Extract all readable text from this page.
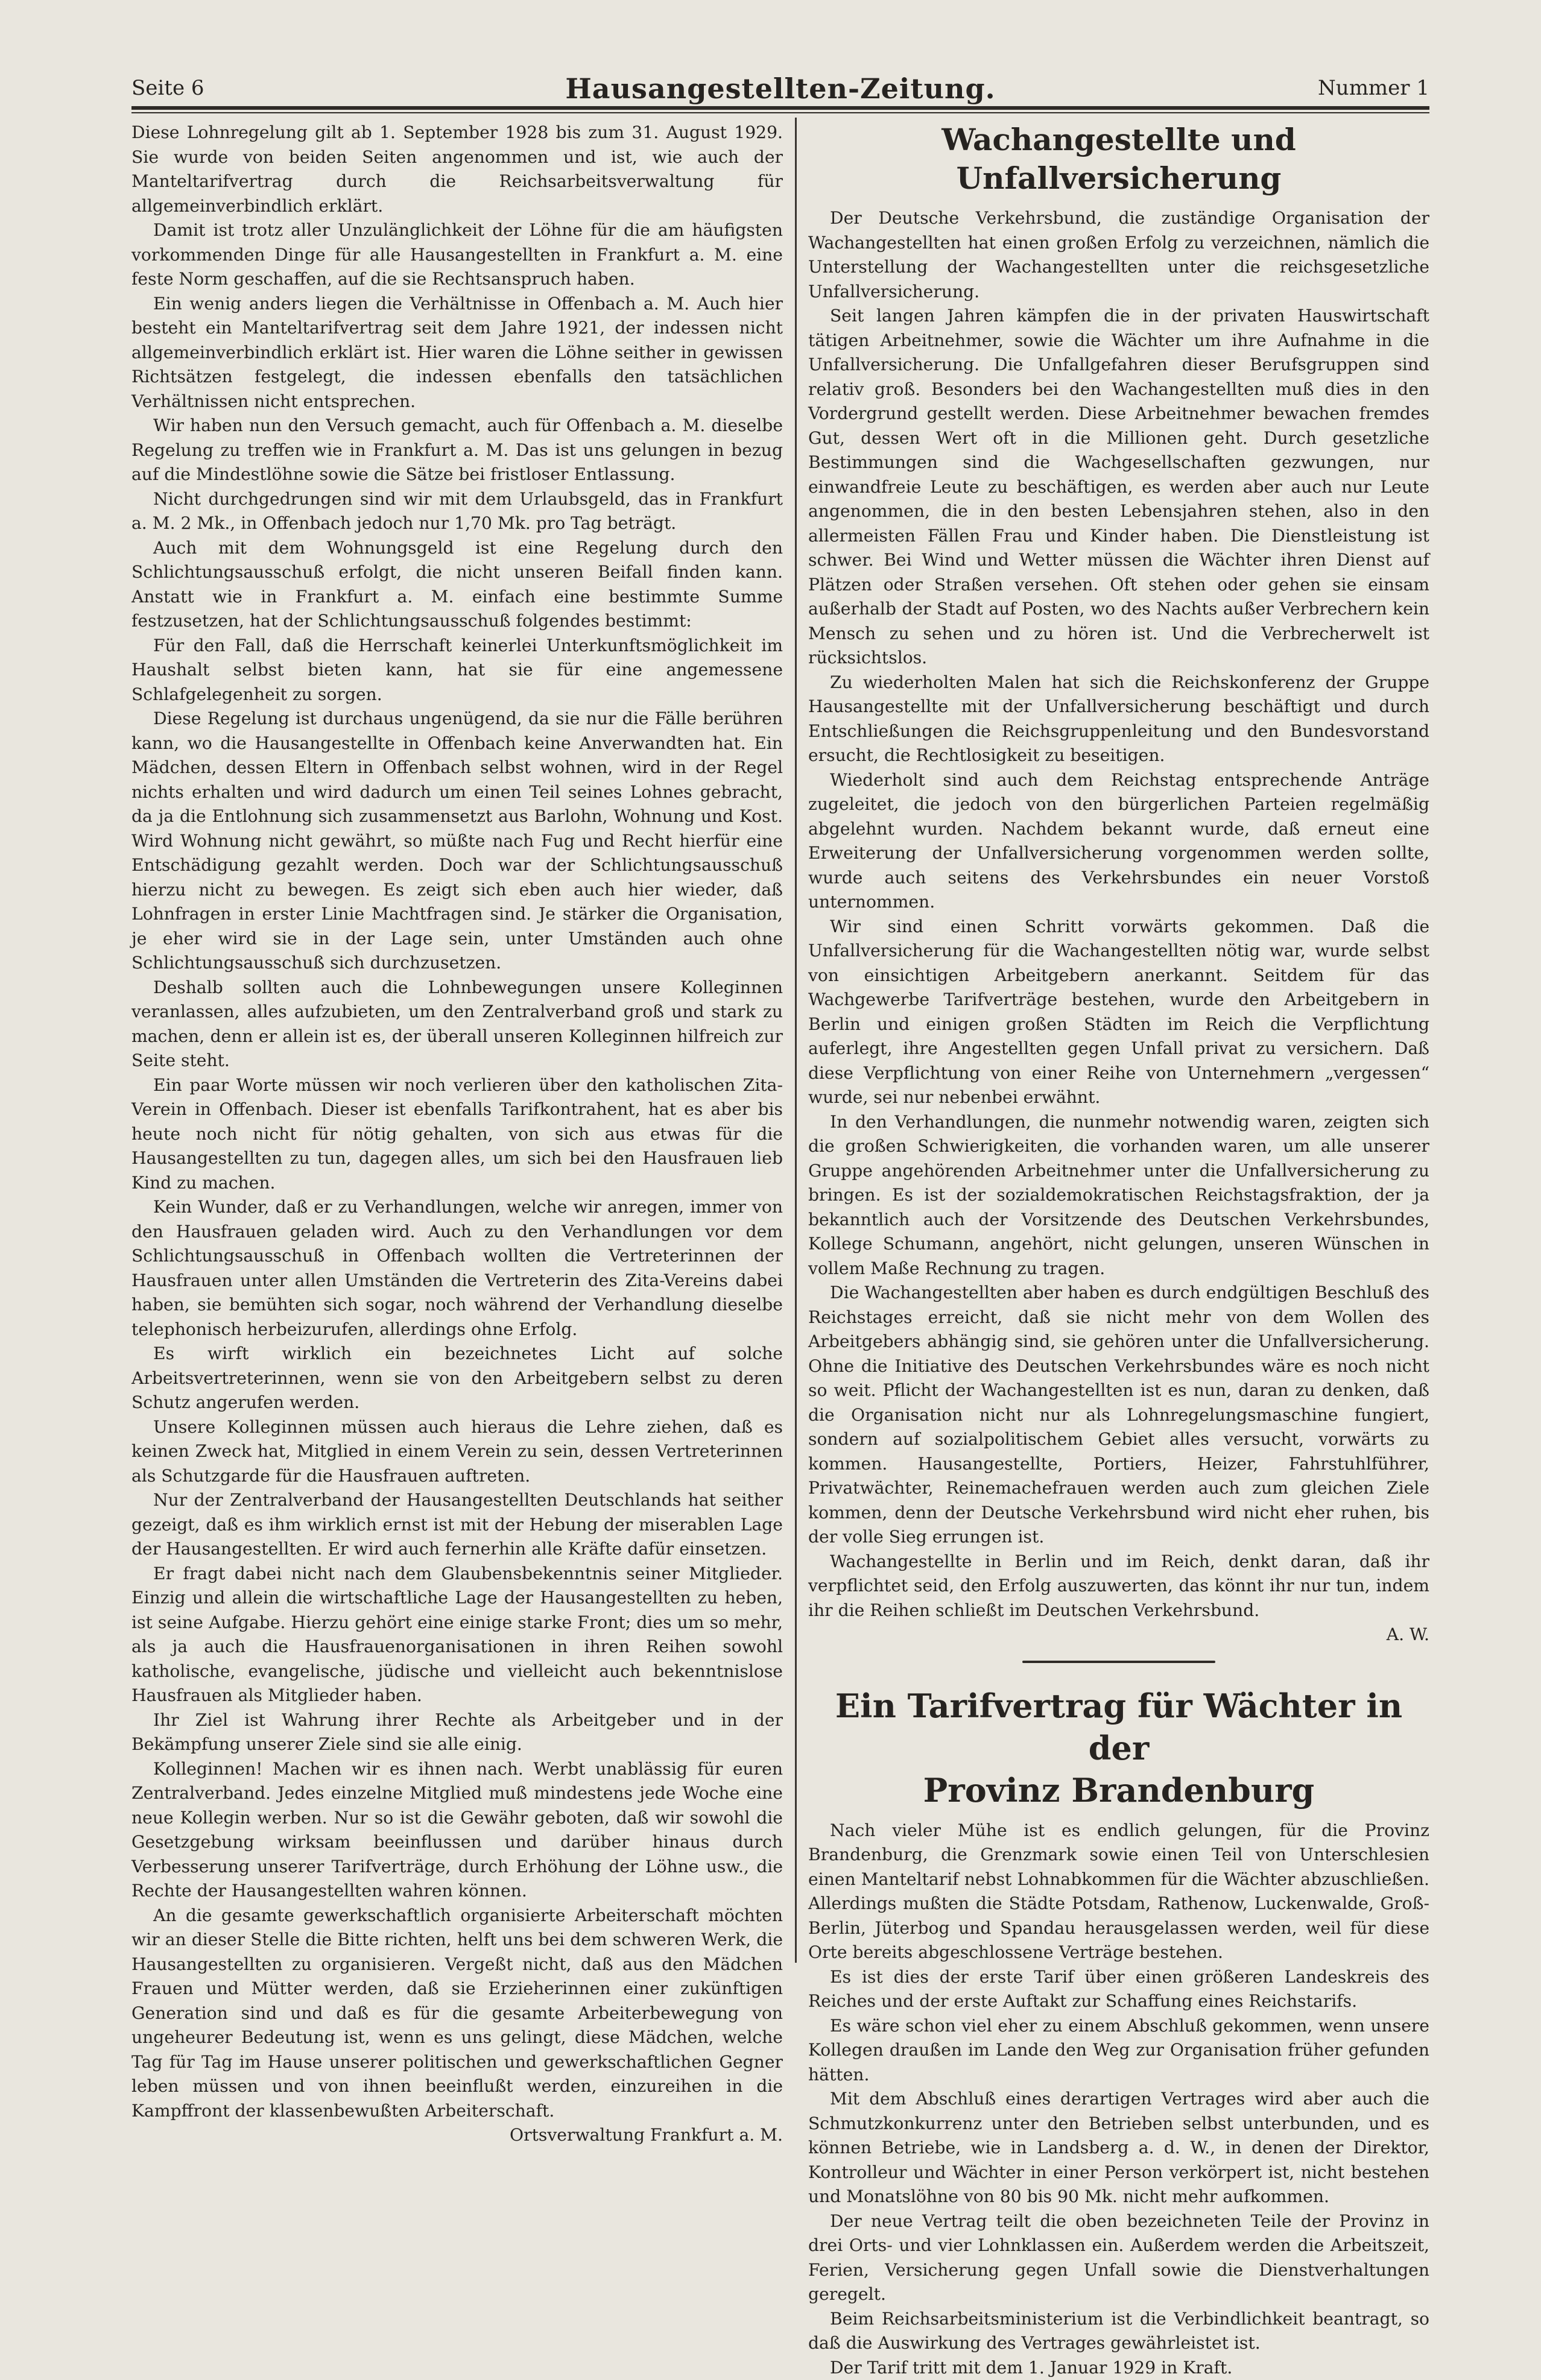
Seite 6	Hausangestellten-Zeitung.	Nummer 1

Diese Lohnregelung gilt ab 1. September 1928 bis zum 31. August 1929. Sie wurde von beiden Seiten angenommen und ist, wie auch der Manteltarifvertrag durch die Reichsarbeitsverwaltung für allgemeinverbindlich erklärt.

Damit ist trotz aller Unzulänglichkeit der Löhne für die am häufigsten vorkommenden Dinge für alle Hausangestellten in Frankfurt a. M. eine feste Norm geschaffen, auf die sie Rechtsanspruch haben.

Ein wenig anders liegen die Verhältnisse in Offenbach a. M. Auch hier besteht ein Manteltarifvertrag seit dem Jahre 1921, der indessen nicht allgemeinverbindlich erklärt ist. Hier waren die Löhne seither in gewissen Richtsätzen festgelegt, die indessen ebenfalls den tatsächlichen Verhältnissen nicht entsprechen.

Wir haben nun den Versuch gemacht, auch für Offenbach a. M. dieselbe Regelung zu treffen wie in Frankfurt a. M. Das ist uns gelungen in bezug auf die Mindestlöhne sowie die Sätze bei fristloser Entlassung.

Nicht durchgedrungen sind wir mit dem Urlaubsgeld, das in Frankfurt a. M. 2 Mk., in Offenbach jedoch nur 1,70 Mk. pro Tag beträgt.

Auch mit dem Wohnungsgeld ist eine Regelung durch den Schlichtungsausschuß erfolgt, die nicht unseren Beifall finden kann. Anstatt wie in Frankfurt a. M. einfach eine bestimmte Summe festzusetzen, hat der Schlichtungsausschuß folgendes bestimmt:

Für den Fall, daß die Herrschaft keinerlei Unterkunftsmöglichkeit im Haushalt selbst bieten kann, hat sie für eine angemessene Schlafgelegenheit zu sorgen.

Diese Regelung ist durchaus ungenügend, da sie nur die Fälle berühren kann, wo die Hausangestellte in Offenbach keine Anverwandten hat. Ein Mädchen, dessen Eltern in Offenbach selbst wohnen, wird in der Regel nichts erhalten und wird dadurch um einen Teil seines Lohnes gebracht, da ja die Entlohnung sich zusammensetzt aus Barlohn, Wohnung und Kost. Wird Wohnung nicht gewährt, so müßte nach Fug und Recht hierfür eine Entschädigung gezahlt werden. Doch war der Schlichtungsausschuß hierzu nicht zu bewegen. Es zeigt sich eben auch hier wieder, daß Lohnfragen in erster Linie Machtfragen sind. Je stärker die Organisation, je eher wird sie in der Lage sein, unter Umständen auch ohne Schlichtungsausschuß sich durchzusetzen.

Deshalb sollten auch die Lohnbewegungen unsere Kolleginnen veranlassen, alles aufzubieten, um den Zentralverband groß und stark zu machen, denn er allein ist es, der überall unseren Kolleginnen hilfreich zur Seite steht.

Ein paar Worte müssen wir noch verlieren über den katholischen Zita-Verein in Offenbach. Dieser ist ebenfalls Tarifkontrahent, hat es aber bis heute noch nicht für nötig gehalten, von sich aus etwas für die Hausangestellten zu tun, dagegen alles, um sich bei den Hausfrauen lieb Kind zu machen.

Kein Wunder, daß er zu Verhandlungen, welche wir anregen, immer von den Hausfrauen geladen wird. Auch zu den Verhandlungen vor dem Schlichtungsausschuß in Offenbach wollten die Vertreterinnen der Hausfrauen unter allen Umständen die Vertreterin des Zita-Vereins dabei haben, sie bemühten sich sogar, noch während der Verhandlung dieselbe telephonisch herbeizurufen, allerdings ohne Erfolg.

Es wirft wirklich ein bezeichnetes Licht auf solche Arbeitsvertreterinnen, wenn sie von den Arbeitgebern selbst zu deren Schutz angerufen werden.

Unsere Kolleginnen müssen auch hieraus die Lehre ziehen, daß es keinen Zweck hat, Mitglied in einem Verein zu sein, dessen Vertreterinnen als Schutzgarde für die Hausfrauen auftreten.

Nur der Zentralverband der Hausangestellten Deutschlands hat seither gezeigt, daß es ihm wirklich ernst ist mit der Hebung der miserablen Lage der Hausangestellten. Er wird auch fernerhin alle Kräfte dafür einsetzen.

Er fragt dabei nicht nach dem Glaubensbekenntnis seiner Mitglieder. Einzig und allein die wirtschaftliche Lage der Hausangestellten zu heben, ist seine Aufgabe. Hierzu gehört eine einige starke Front; dies um so mehr, als ja auch die Hausfrauenorganisationen in ihren Reihen sowohl katholische, evangelische, jüdische und vielleicht auch bekenntnislose Hausfrauen als Mitglieder haben.

Ihr Ziel ist Wahrung ihrer Rechte als Arbeitgeber und in der Bekämpfung unserer Ziele sind sie alle einig.

Kolleginnen! Machen wir es ihnen nach. Werbt unablässig für euren Zentralverband. Jedes einzelne Mitglied muß mindestens jede Woche eine neue Kollegin werben. Nur so ist die Gewähr geboten, daß wir sowohl die Gesetzgebung wirksam beeinflussen und darüber hinaus durch Verbesserung unserer Tarifverträge, durch Erhöhung der Löhne usw., die Rechte der Hausangestellten wahren können.

An die gesamte gewerkschaftlich organisierte Arbeiterschaft möchten wir an dieser Stelle die Bitte richten, helft uns bei dem schweren Werk, die Hausangestellten zu organisieren. Vergeßt nicht, daß aus den Mädchen Frauen und Mütter werden, daß sie Erzieherinnen einer zukünftigen Generation sind und daß es für die gesamte Arbeiterbewegung von ungeheurer Bedeutung ist, wenn es uns gelingt, diese Mädchen, welche Tag für Tag im Hause unserer politischen und gewerkschaftlichen Gegner leben müssen und von ihnen beeinflußt werden, einzureihen in die Kampffront der klassenbewußten Arbeiterschaft.

Ortsverwaltung Frankfurt a. M.
Wachangestellte und Unfallversicherung

Der Deutsche Verkehrsbund, die zuständige Organisation der Wachangestellten hat einen großen Erfolg zu verzeichnen, nämlich die Unterstellung der Wachangestellten unter die reichsgesetzliche Unfallversicherung.

Seit langen Jahren kämpfen die in der privaten Hauswirtschaft tätigen Arbeitnehmer, sowie die Wächter um ihre Aufnahme in die Unfallversicherung. Die Unfallgefahren dieser Berufsgruppen sind relativ groß. Besonders bei den Wachangestellten muß dies in den Vordergrund gestellt werden. Diese Arbeitnehmer bewachen fremdes Gut, dessen Wert oft in die Millionen geht. Durch gesetzliche Bestimmungen sind die Wachgesellschaften gezwungen, nur einwandfreie Leute zu beschäftigen, es werden aber auch nur Leute angenommen, die in den besten Lebensjahren stehen, also in den allermeisten Fällen Frau und Kinder haben. Die Dienstleistung ist schwer. Bei Wind und Wetter müssen die Wächter ihren Dienst auf Plätzen oder Straßen versehen. Oft stehen oder gehen sie einsam außerhalb der Stadt auf Posten, wo des Nachts außer Verbrechern kein Mensch zu sehen und zu hören ist. Und die Verbrecherwelt ist rücksichtslos.

Zu wiederholten Malen hat sich die Reichskonferenz der Gruppe Hausangestellte mit der Unfallversicherung beschäftigt und durch Entschließungen die Reichsgruppenleitung und den Bundesvorstand ersucht, die Rechtlosigkeit zu beseitigen.

Wiederholt sind auch dem Reichstag entsprechende Anträge zugeleitet, die jedoch von den bürgerlichen Parteien regelmäßig abgelehnt wurden. Nachdem bekannt wurde, daß erneut eine Erweiterung der Unfallversicherung vorgenommen werden sollte, wurde auch seitens des Verkehrsbundes ein neuer Vorstoß unternommen.

Wir sind einen Schritt vorwärts gekommen. Daß die Unfallversicherung für die Wachangestellten nötig war, wurde selbst von einsichtigen Arbeitgebern anerkannt. Seitdem für das Wachgewerbe Tarifverträge bestehen, wurde den Arbeitgebern in Berlin und einigen großen Städten im Reich die Verpflichtung auferlegt, ihre Angestellten gegen Unfall privat zu versichern. Daß diese Verpflichtung von einer Reihe von Unternehmern „vergessen“ wurde, sei nur nebenbei erwähnt.

In den Verhandlungen, die nunmehr notwendig waren, zeigten sich die großen Schwierigkeiten, die vorhanden waren, um alle unserer Gruppe angehörenden Arbeitnehmer unter die Unfallversicherung zu bringen. Es ist der sozialdemokratischen Reichstagsfraktion, der ja bekanntlich auch der Vorsitzende des Deutschen Verkehrsbundes, Kollege Schumann, angehört, nicht gelungen, unseren Wünschen in vollem Maße Rechnung zu tragen.

Die Wachangestellten aber haben es durch endgültigen Beschluß des Reichstages erreicht, daß sie nicht mehr von dem Wollen des Arbeitgebers abhängig sind, sie gehören unter die Unfallversicherung. Ohne die Initiative des Deutschen Verkehrsbundes wäre es noch nicht so weit. Pflicht der Wachangestellten ist es nun, daran zu denken, daß die Organisation nicht nur als Lohnregelungsmaschine fungiert, sondern auf sozialpolitischem Gebiet alles versucht, vorwärts zu kommen. Hausangestellte, Portiers, Heizer, Fahrstuhlführer, Privatwächter, Reinemachefrauen werden auch zum gleichen Ziele kommen, denn der Deutsche Verkehrsbund wird nicht eher ruhen, bis der volle Sieg errungen ist.

Wachangestellte in Berlin und im Reich, denkt daran, daß ihr verpflichtet seid, den Erfolg auszuwerten, das könnt ihr nur tun, indem ihr die Reihen schließt im Deutschen Verkehrsbund.

A. W.
Ein Tarifvertrag für Wächter in der
Provinz Brandenburg

Nach vieler Mühe ist es endlich gelungen, für die Provinz Brandenburg, die Grenzmark sowie einen Teil von Unterschlesien einen Manteltarif nebst Lohnabkommen für die Wächter abzuschließen. Allerdings mußten die Städte Potsdam, Rathenow, Luckenwalde, Groß-Berlin, Jüterbog und Spandau herausgelassen werden, weil für diese Orte bereits abgeschlossene Verträge bestehen.

Es ist dies der erste Tarif über einen größeren Landeskreis des Reiches und der erste Auftakt zur Schaffung eines Reichstarifs.

Es wäre schon viel eher zu einem Abschluß gekommen, wenn unsere Kollegen draußen im Lande den Weg zur Organisation früher gefunden hätten.

Mit dem Abschluß eines derartigen Vertrages wird aber auch die Schmutzkonkurrenz unter den Betrieben selbst unterbunden, und es können Betriebe, wie in Landsberg a. d. W., in denen der Direktor, Kontrolleur und Wächter in einer Person verkörpert ist, nicht bestehen und Monatslöhne von 80 bis 90 Mk. nicht mehr aufkommen.

Der neue Vertrag teilt die oben bezeichneten Teile der Provinz in drei Orts- und vier Lohnklassen ein. Außerdem werden die Arbeitszeit, Ferien, Versicherung gegen Unfall sowie die Dienstverhaltungen geregelt.

Beim Reichsarbeitsministerium ist die Verbindlichkeit beantragt, so daß die Auswirkung des Vertrages gewährleistet ist.

Der Tarif tritt mit dem 1. Januar 1929 in Kraft.
